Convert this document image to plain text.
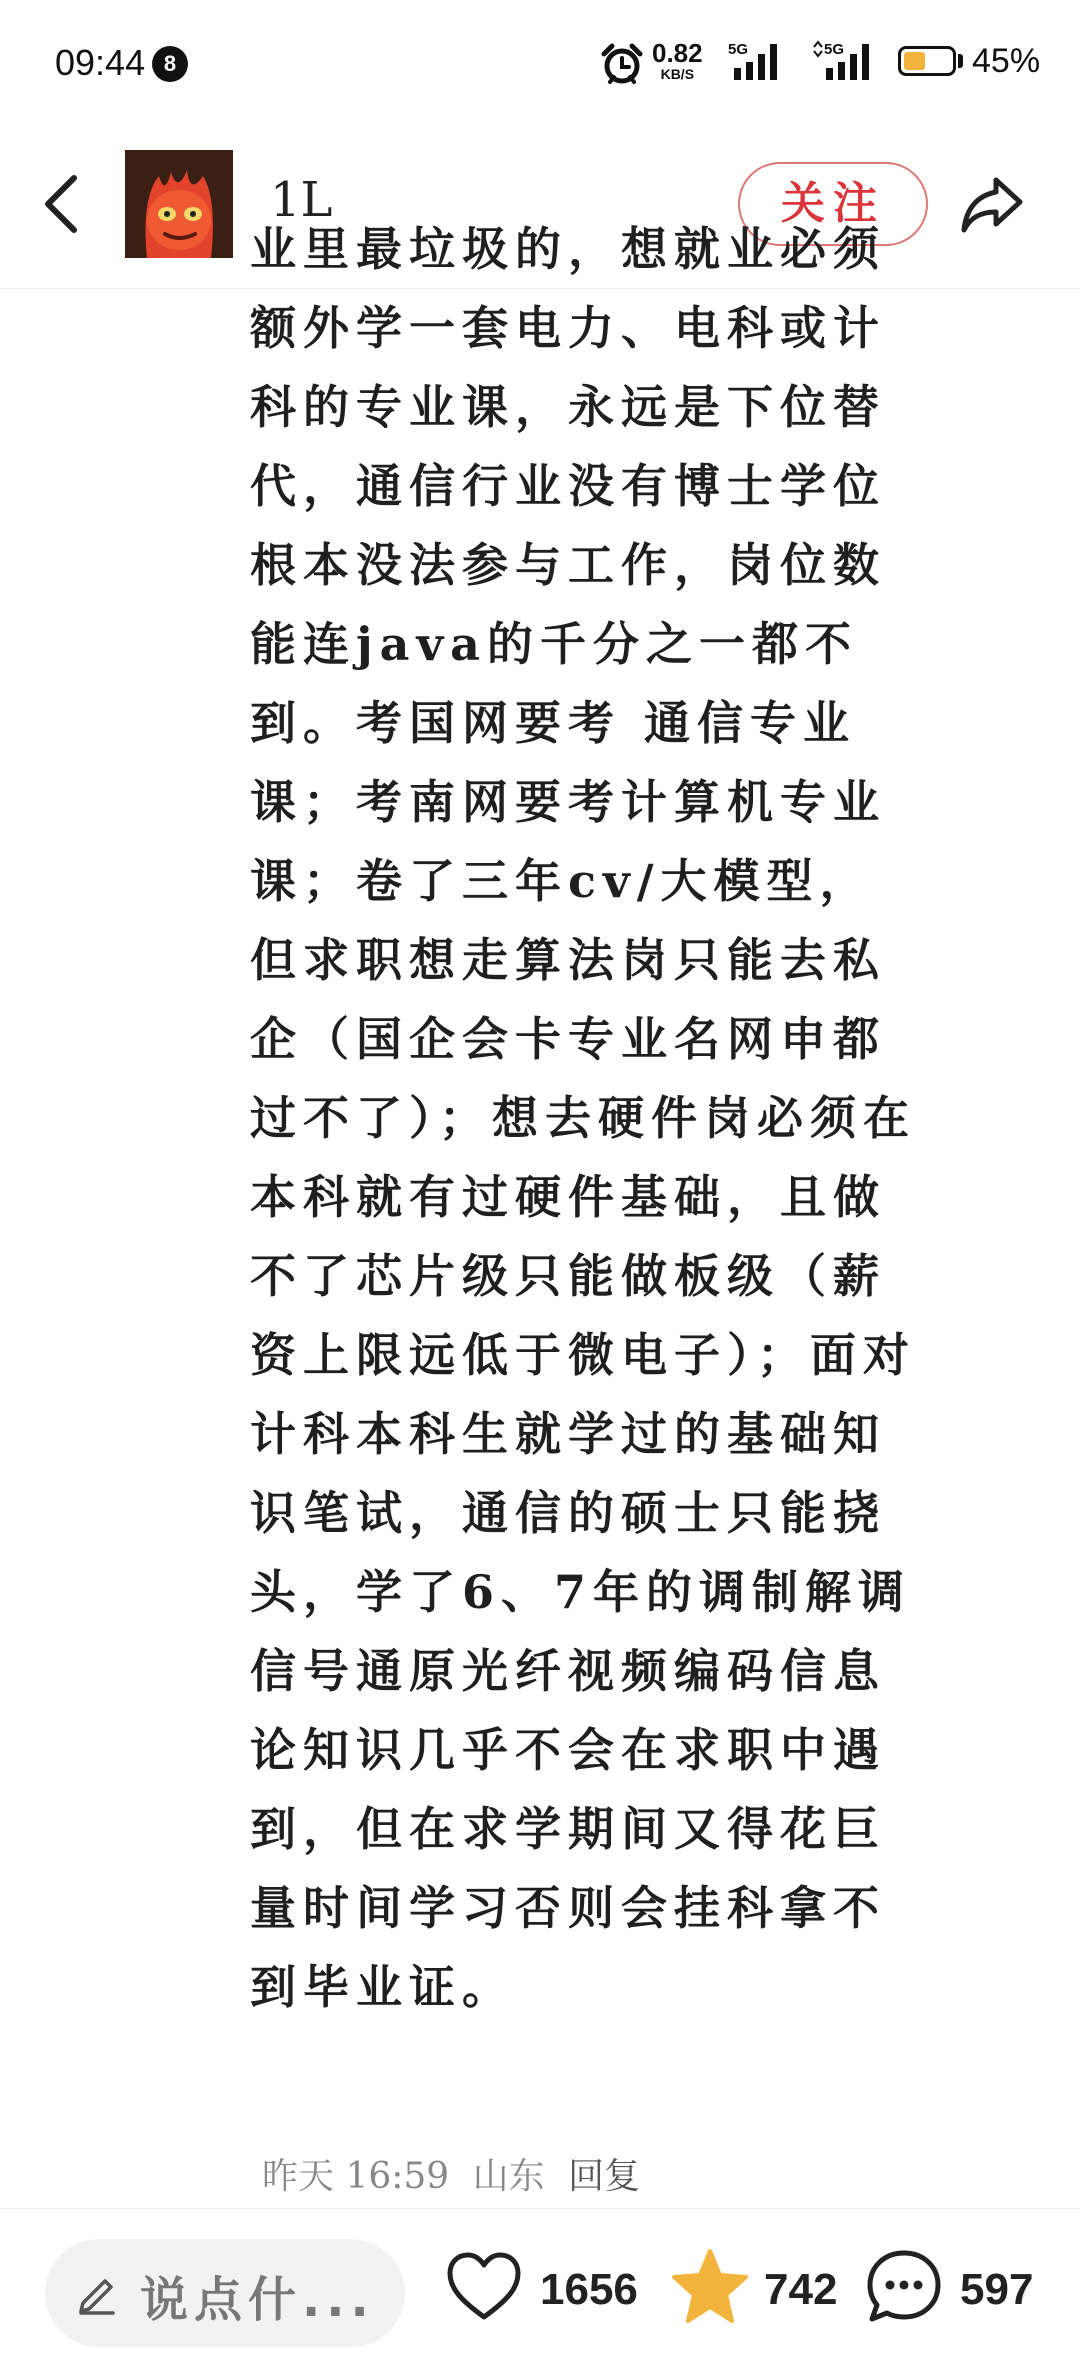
09:44 8	0.82
KB/S
5G	5G	45%
1L	关注

业里最垃圾的，想就业必须额外学一套电力、电科或计科的专业课，永远是下位替代，通信行业没有博士学位根本没法参与工作，岗位数能连java的千分之一都不到。考国网要考 通信专业课；考南网要考计算机专业课；卷了三年cv/大模型，但求职想走算法岗只能去私企（国企会卡专业名网申都过不了）；想去硬件岗必须在本科就有过硬件基础，且做不了芯片级只能做板级（薪资上限远低于微电子）；面对计科本科生就学过的基础知识笔试，通信的硕士只能挠头，学了6、7年的调制解调信号通原光纤视频编码信息论知识几乎不会在求职中遇到，但在求学期间又得花巨量时间学习否则会挂科拿不到毕业证。

昨天 16:59 山东 回复
说点什...	1656	742	597
